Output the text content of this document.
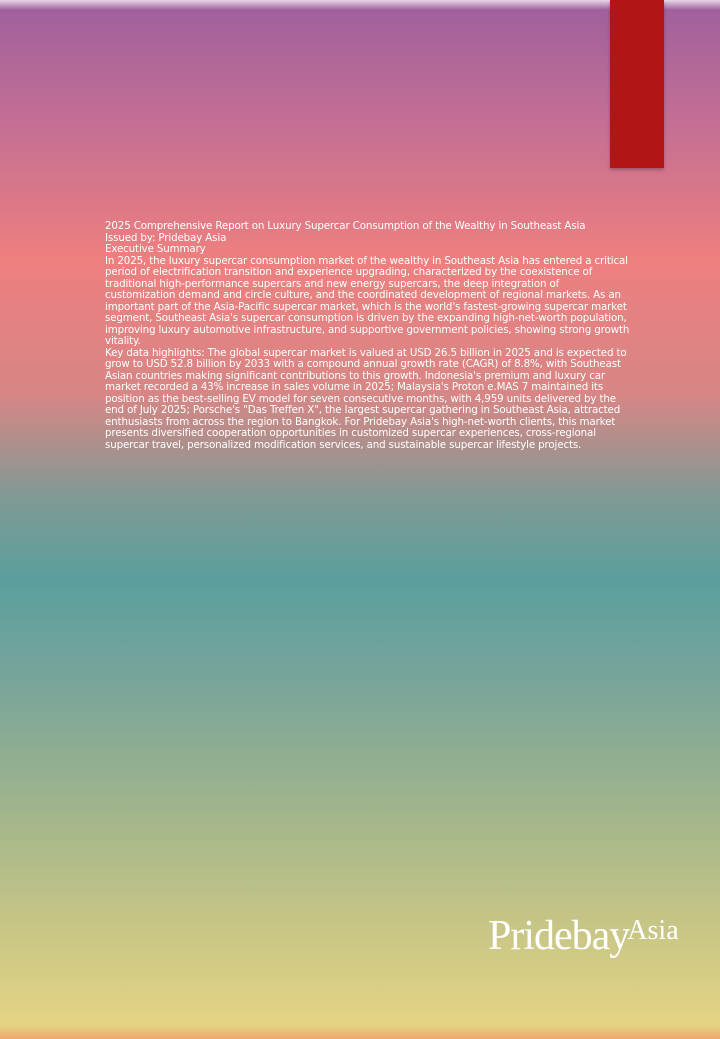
2025 Comprehensive Report on Luxury Supercar Consumption of the Wealthy in Southeast Asia

Issued by: Pridebay Asia

Executive Summary

In 2025, the luxury supercar consumption market of the wealthy in Southeast Asia has entered a critical period of electrification transition and experience upgrading, characterized by the coexistence of traditional high-performance supercars and new energy supercars, the deep integration of customization demand and circle culture, and the coordinated development of regional markets. As an important part of the Asia-Pacific supercar market, which is the world's fastest-growing supercar market segment, Southeast Asia's supercar consumption is driven by the expanding high-net-worth population, improving luxury automotive infrastructure, and supportive government policies, showing strong growth vitality.

Key data highlights: The global supercar market is valued at USD 26.5 billion in 2025 and is expected to grow to USD 52.8 billion by 2033 with a compound annual growth rate (CAGR) of 8.8%, with Southeast Asian countries making significant contributions to this growth. Indonesia's premium and luxury car market recorded a 43% increase in sales volume in 2025; Malaysia's Proton e.MAS 7 maintained its position as the best-selling EV model for seven consecutive months, with 4,959 units delivered by the end of July 2025; Porsche's "Das Treffen X", the largest supercar gathering in Southeast Asia, attracted enthusiasts from across the region to Bangkok. For Pridebay Asia's high-net-worth clients, this market presents diversified cooperation opportunities in customized supercar experiences, cross-regional supercar travel, personalized modification services, and sustainable supercar lifestyle projects.

PridebayAsia
